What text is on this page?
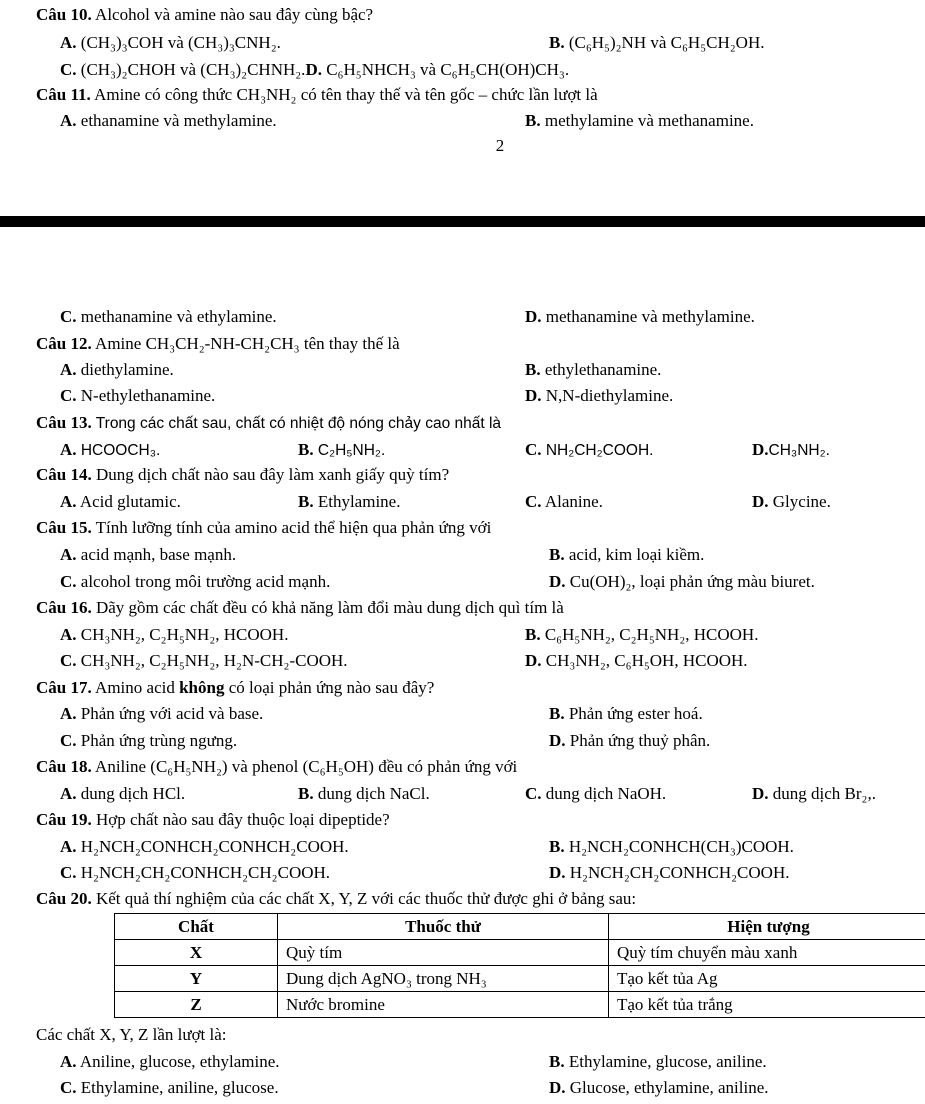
Câu 10. Alcohol và amine nào sau đây cùng bậc?
A. (CH₃)₃COH và (CH₃)₃CNH₂.	B. (C₆H₅)₂NH và C₆H₅CH₂OH.
C. (CH₃)₂CHOH và (CH₃)₂CHNH₂.D. C₆H₅NHCH₃ và C₆H₅CH(OH)CH₃.
Câu 11. Amine có công thức CH₃NH₂ có tên thay thế và tên gốc – chức lần lượt là
A. ethanamine và methylamine.	B. methylamine và methanamine.
2
C. methanamine và ethylamine.	D. methanamine và methylamine.
Câu 12. Amine CH₃CH₂-NH-CH₂CH₃ tên thay thế là
A. diethylamine.	B. ethylethanamine.
C. N-ethylethanamine.	D. N,N-diethylamine.
Câu 13. Trong các chất sau, chất có nhiệt độ nóng chảy cao nhất là
A. HCOOCH₃.	B. C₂H₅NH₂.	C. NH₂CH₂COOH.	D.CH₃NH₂.
Câu 14. Dung dịch chất nào sau đây làm xanh giấy quỳ tím?
A. Acid glutamic.	B. Ethylamine.	C. Alanine.	D. Glycine.
Câu 15. Tính lưỡng tính của amino acid thể hiện qua phản ứng với
A. acid mạnh, base mạnh.	B. acid, kim loại kiềm.
C. alcohol trong môi trường acid mạnh.	D. Cu(OH)₂, loại phản ứng màu biuret.
Câu 16. Dãy gồm các chất đều có khả năng làm đổi màu dung dịch quì tím là
A. CH₃NH₂, C₂H₅NH₂, HCOOH.	B. C₆H₅NH₂, C₂H₅NH₂, HCOOH.
C. CH₃NH₂, C₂H₅NH₂, H₂N-CH₂-COOH.	D. CH₃NH₂, C₆H₅OH, HCOOH.
Câu 17. Amino acid không có loại phản ứng nào sau đây?
A. Phản ứng với acid và base.	B. Phản ứng ester hoá.
C. Phản ứng trùng ngưng.	D. Phản ứng thuỷ phân.
Câu 18. Aniline (C₆H₅NH₂) và phenol (C₆H₅OH) đều có phản ứng với
A. dung dịch HCl.	B. dung dịch NaCl.	C. dung dịch NaOH.	D. dung dịch Br₂,.
Câu 19. Hợp chất nào sau đây thuộc loại dipeptide?
A. H₂NCH₂CONHCH₂CONHCH₂COOH.	B. H₂NCH₂CONHCH(CH₃)COOH.
C. H₂NCH₂CH₂CONHCH₂CH₂COOH.	D. H₂NCH₂CH₂CONHCH₂COOH.
Câu 20. Kết quả thí nghiệm của các chất X, Y, Z với các thuốc thử được ghi ở bảng sau:
Chất	Thuốc thử	Hiện tượng
X	Quỳ tím	Quỳ tím chuyển màu xanh
Y	Dung dịch AgNO₃ trong NH₃	Tạo kết tủa Ag
Z	Nước bromine	Tạo kết tủa trắng
Các chất X, Y, Z lần lượt là:
A. Aniline, glucose, ethylamine.	B. Ethylamine, glucose, aniline.
C. Ethylamine, aniline, glucose.	D. Glucose, ethylamine, aniline.
